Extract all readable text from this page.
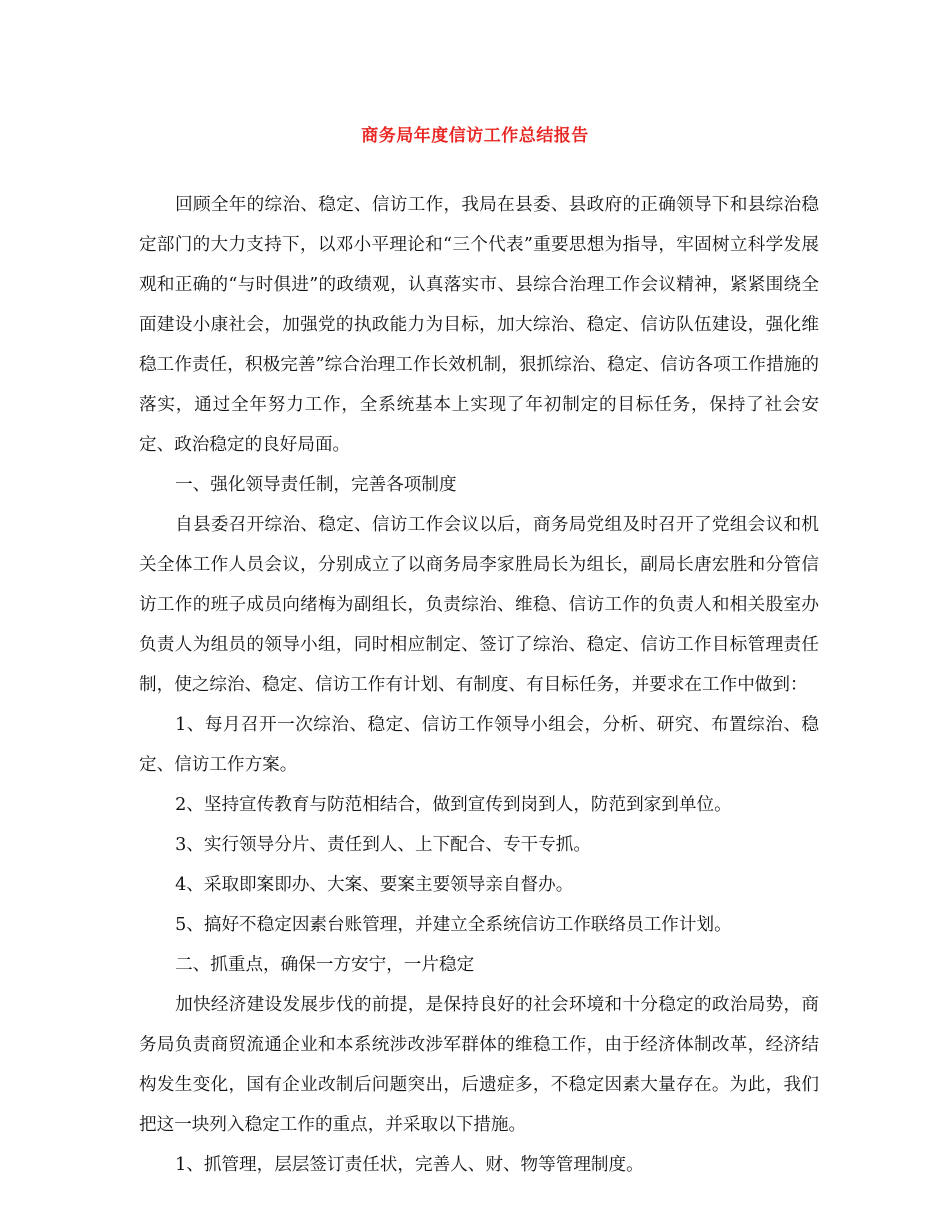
商务局年度信访工作总结报告

回顾全年的综治、稳定、信访工作，我局在县委、县政府的正确领导下和县综治稳定部门的大力支持下，以邓小平理论和“三个代表”重要思想为指导，牢固树立科学发展观和正确的“与时俱进”的政绩观，认真落实市、县综合治理工作会议精神，紧紧围绕全面建设小康社会，加强党的执政能力为目标，加大综治、稳定、信访队伍建设，强化维稳工作责任，积极完善”综合治理工作长效机制，狠抓综治、稳定、信访各项工作措施的落实，通过全年努力工作，全系统基本上实现了年初制定的目标任务，保持了社会安定、政治稳定的良好局面。

一、强化领导责任制，完善各项制度

自县委召开综治、稳定、信访工作会议以后，商务局党组及时召开了党组会议和机关全体工作人员会议，分别成立了以商务局李家胜局长为组长，副局长唐宏胜和分管信访工作的班子成员向绪梅为副组长，负责综治、维稳、信访工作的负责人和相关股室办负责人为组员的领导小组，同时相应制定、签订了综治、稳定、信访工作目标管理责任制，使之综治、稳定、信访工作有计划、有制度、有目标任务，并要求在工作中做到：

1、每月召开一次综治、稳定、信访工作领导小组会，分析、研究、布置综治、稳定、信访工作方案。

2、坚持宣传教育与防范相结合，做到宣传到岗到人，防范到家到单位。

3、实行领导分片、责任到人、上下配合、专干专抓。

4、采取即案即办、大案、要案主要领导亲自督办。

5、搞好不稳定因素台账管理，并建立全系统信访工作联络员工作计划。

二、抓重点，确保一方安宁，一片稳定

加快经济建设发展步伐的前提，是保持良好的社会环境和十分稳定的政治局势，商务局负责商贸流通企业和本系统涉改涉军群体的维稳工作，由于经济体制改革，经济结构发生变化，国有企业改制后问题突出，后遗症多，不稳定因素大量存在。为此，我们把这一块列入稳定工作的重点，并采取以下措施。

1、抓管理，层层签订责任状，完善人、财、物等管理制度。
